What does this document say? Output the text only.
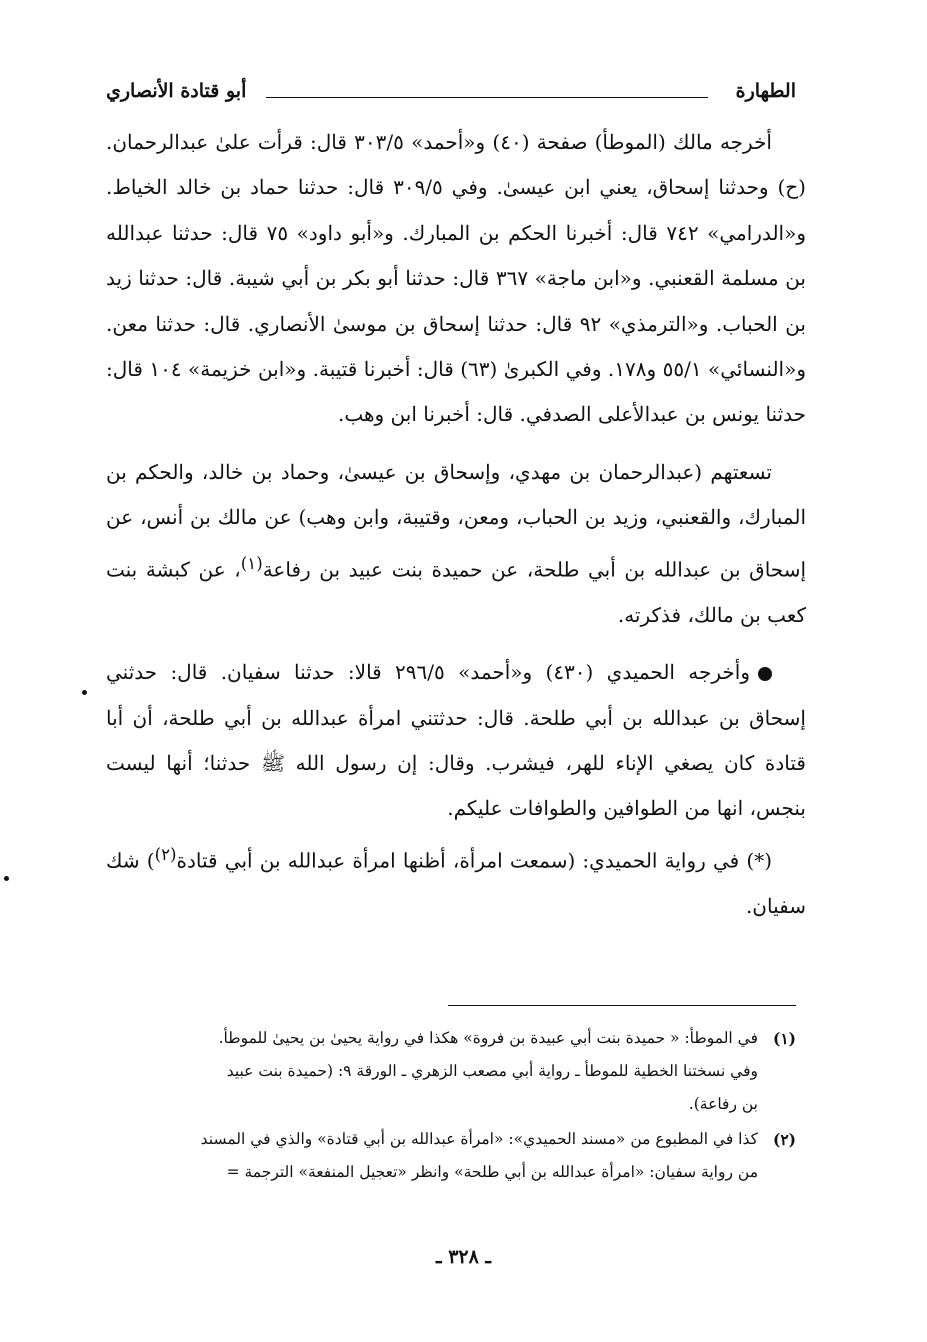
الطهارة
أبو قتادة الأنصاري

أخرجه مالك (الموطأ) صفحة (٤٠) و«أحمد» ٣٠٣/٥ قال: قرأت علىٰ عبدالرحمان. (ح) وحدثنا إسحاق، يعني ابن عيسىٰ. وفي ٣٠٩/٥ قال: حدثنا حماد بن خالد الخياط. و«الدرامي» ٧٤٢ قال: أخبرنا الحكم بن المبارك. و«أبو داود» ٧٥ قال: حدثنا عبدالله بن مسلمة القعنبي. و«ابن ماجة» ٣٦٧ قال: حدثنا أبو بكر بن أبي شيبة. قال: حدثنا زيد بن الحباب. و«الترمذي» ٩٢ قال: حدثنا إسحاق بن موسىٰ الأنصاري. قال: حدثنا معن. و«النسائي» ٥٥/١ و١٧٨. وفي الكبرىٰ (٦٣) قال: أخبرنا قتيبة. و«ابن خزيمة» ١٠٤ قال: حدثنا يونس بن عبدالأعلى الصدفي. قال: أخبرنا ابن وهب.

تسعتهم (عبدالرحمان بن مهدي، وإسحاق بن عيسىٰ، وحماد بن خالد، والحكم بن المبارك، والقعنبي، وزيد بن الحباب، ومعن، وقتيبة، وابن وهب) عن مالك بن أنس، عن إسحاق بن عبدالله بن أبي طلحة، عن حميدة بنت عبيد بن رفاعة$^{(١)}$، عن كبشة بنت كعب بن مالك، فذكرته.

وأخرجه الحميدي (٤٣٠) و«أحمد» ٢٩٦/٥ قالا: حدثنا سفيان. قال: حدثني إسحاق بن عبدالله بن أبي طلحة. قال: حدثتني امرأة عبدالله بن أبي طلحة، أن أبا قتادة كان يصغي الإناء للهر، فيشرب. وقال: إن رسول الله ﷺ حدثنا؛ أنها ليست بنجس، انها من الطوافين والطوافات عليكم.

(*) في رواية الحميدي: (سمعت امرأة، أظنها امرأة عبدالله بن أبي قتادة$^{(٢)}$) شك سفيان.

(١)
في الموطأ: « حميدة بنت أبي عبيدة بن فروة» هكذا في رواية يحيىٰ بن يحيىٰ للموطأ.
وفي نسختنا الخطية للموطأ ـ رواية أبي مصعب الزهري ـ الورقة ٩: (حميدة بنت عبيد
بن رفاعة).
(٢)
كذا في المطبوع من «مسند الحميدي»: «امرأة عبدالله بن أبي قتادة» والذي في المسند
من رواية سفيان: «امرأة عبدالله بن أبي طلحة» وانظر «تعجيل المنفعة» الترجمة =
ـ ٣٢٨ ـ
